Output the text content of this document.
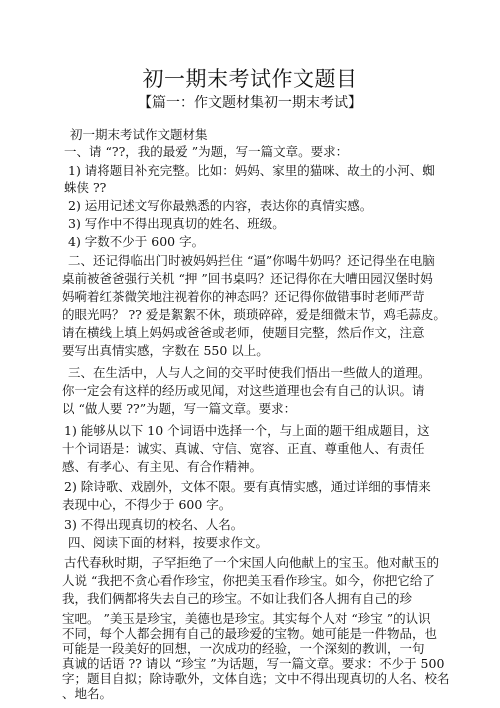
初一期末考试作文题目
【篇一：作文题材集初一期末考试】
初一期末考试作文题材集
一、请 “??，我的最爱 ”为题，写一篇文章。要求：
1) 请将题目补充完整。比如：妈妈、家里的猫咪、故土的小河、蜘
蛛侠 ??
2) 运用记述文写你最熟悉的内容，表达你的真情实感。
3) 写作中不得出现真切的姓名、班级。
4) 字数不少于 600 字。
二、还记得临出门时被妈妈拦住 “逼”你喝牛奶吗？还记得坐在电脑
桌前被爸爸强行关机 “押 ”回书桌吗？还记得你在大嘈田园汉堡时妈
妈嗬着红茶微笑地注视着你的神态吗？还记得你做错事时老师严苛
的眼光吗？ ?? 爱是絮絮不休，琐琐碎碎，爱是细微末节，鸡毛蒜皮。
请在横线上填上妈妈或爸爸或老师，使题目完整，然后作文，注意
要写出真情实感，字数在 550 以上。
三、在生活中，人与人之间的交平时使我们悟出一些做人的道理。
你一定会有这样的经历或见闻，对这些道理也会有自己的认识。请
以 “做人要 ??”为题，写一篇文章。要求：
1) 能够从以下 10 个词语中选择一个，与上面的题干组成题目，这
十个词语是：诚实、真诚、守信、宽容、正直、尊重他人、有责任
感、有孝心、有主见、有合作精神。
2) 除诗歌、戏剧外，文体不限。要有真情实感，通过详细的事情来
表现中心，不得少于 600 字。
3) 不得出现真切的校名、人名。
四、阅读下面的材料，按要求作文。
古代春秋时期，子罕拒绝了一个宋国人向他献上的宝玉。他对献玉的
人说 “我把不贪心看作珍宝，你把美玉看作珍宝。如今，你把它给了
我，我们俩都将失去自己的珍宝。不如让我们各人拥有自己的珍
宝吧。 ”美玉是珍宝，美德也是珍宝。其实每个人对 “珍宝 ”的认识
不同，每个人都会拥有自己的最珍爱的宝物。她可能是一件物品，也
可能是一段美好的回想，一次成功的经验，一个深刻的教训，一句
真诚的话语 ?? 请以 “珍宝 ”为话题，写一篇文章。要求：不少于 500
字；题目自拟；除诗歌外，文体自选；文中不得出现真切的人名、校名
、地名。
